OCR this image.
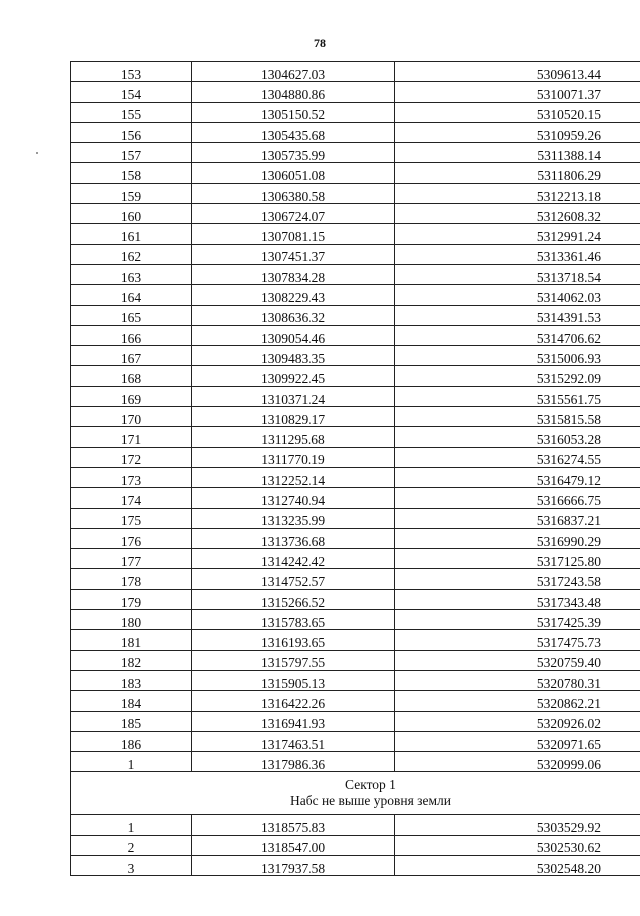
78
153	1304627.03	5309613.44
154	1304880.86	5310071.37
155	1305150.52	5310520.15
156	1305435.68	5310959.26
157	1305735.99	5311388.14
158	1306051.08	5311806.29
159	1306380.58	5312213.18
160	1306724.07	5312608.32
161	1307081.15	5312991.24
162	1307451.37	5313361.46
163	1307834.28	5313718.54
164	1308229.43	5314062.03
165	1308636.32	5314391.53
166	1309054.46	5314706.62
167	1309483.35	5315006.93
168	1309922.45	5315292.09
169	1310371.24	5315561.75
170	1310829.17	5315815.58
171	1311295.68	5316053.28
172	1311770.19	5316274.55
173	1312252.14	5316479.12
174	1312740.94	5316666.75
175	1313235.99	5316837.21
176	1313736.68	5316990.29
177	1314242.42	5317125.80
178	1314752.57	5317243.58
179	1315266.52	5317343.48
180	1315783.65	5317425.39
181	1316193.65	5317475.73
182	1315797.55	5320759.40
183	1315905.13	5320780.31
184	1316422.26	5320862.21
185	1316941.93	5320926.02
186	1317463.51	5320971.65
1	1317986.36	5320999.06

Сектор 1
Набс не выше уровня земли		

1	1318575.83	5303529.92
2	1318547.00	5302530.62
3	1317937.58	5302548.20
